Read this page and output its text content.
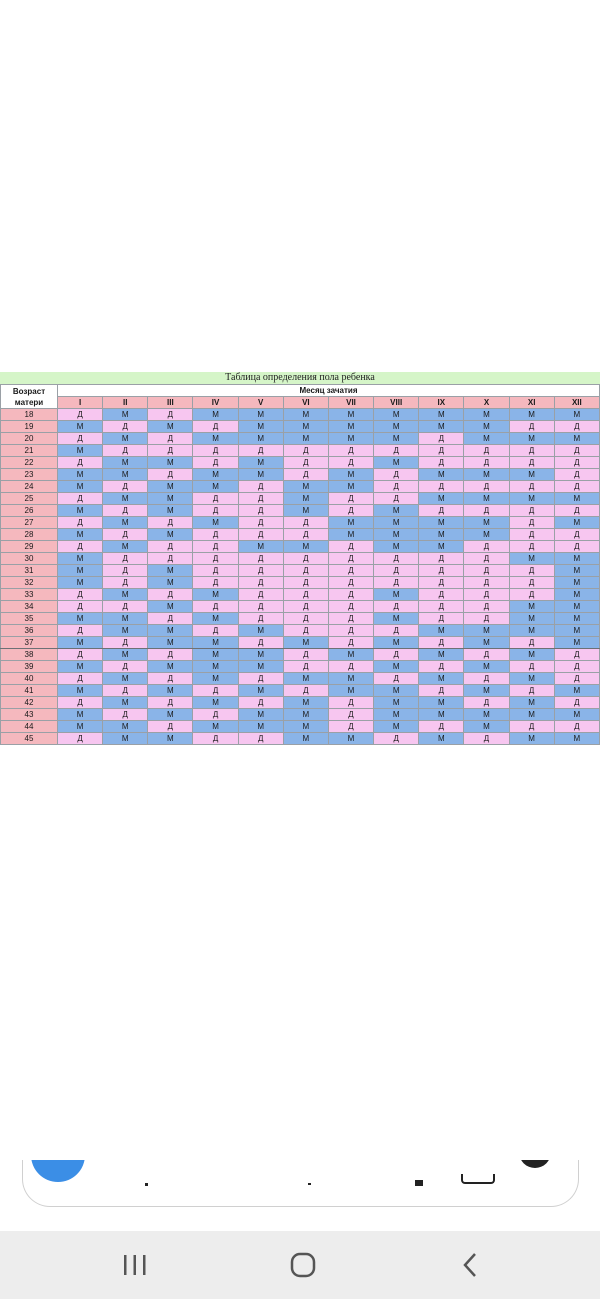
Таблица определения пола ребенка
Возраст
матери	Месяц зачатия											
	I	II	III	IV	V	VI	VII	VIII	IX	X	XI	XII
18	Д	М	Д	М	М	М	М	М	М	М	М	М
19	М	Д	М	Д	М	М	М	М	М	М	Д	Д
20	Д	М	Д	М	М	М	М	М	Д	М	М	М
21	М	Д	Д	Д	Д	Д	Д	Д	Д	Д	Д	Д
22	Д	М	М	Д	М	Д	Д	М	Д	Д	Д	Д
23	М	М	Д	М	М	Д	М	Д	М	М	М	Д
24	М	Д	М	М	Д	М	М	Д	Д	Д	Д	Д
25	Д	М	М	Д	Д	М	Д	Д	М	М	М	М
26	М	Д	М	Д	Д	М	Д	М	Д	Д	Д	Д
27	Д	М	Д	М	Д	Д	М	М	М	М	Д	М
28	М	Д	М	Д	Д	Д	М	М	М	М	Д	Д
29	Д	М	Д	Д	М	М	Д	М	М	Д	Д	Д
30	М	Д	Д	Д	Д	Д	Д	Д	Д	Д	М	М
31	М	Д	М	Д	Д	Д	Д	Д	Д	Д	Д	М
32	М	Д	М	Д	Д	Д	Д	Д	Д	Д	Д	М
33	Д	М	Д	М	Д	Д	Д	М	Д	Д	Д	М
34	Д	Д	М	Д	Д	Д	Д	Д	Д	Д	М	М
35	М	М	Д	М	Д	Д	Д	М	Д	Д	М	М
36	Д	М	М	Д	М	Д	Д	Д	М	М	М	М
37	М	Д	М	М	Д	М	Д	М	Д	М	Д	М
38	Д	М	Д	М	М	Д	М	Д	М	Д	М	Д
39	М	Д	М	М	М	Д	Д	М	Д	М	Д	Д
40	Д	М	Д	М	Д	М	М	Д	М	Д	М	Д
41	М	Д	М	Д	М	Д	М	М	Д	М	Д	М
42	Д	М	Д	М	Д	М	Д	М	М	Д	М	Д
43	М	Д	М	Д	М	М	Д	М	М	М	М	М
44	М	М	Д	М	М	М	Д	М	Д	М	Д	Д
45	Д	М	М	Д	Д	М	М	Д	М	Д	М	М
